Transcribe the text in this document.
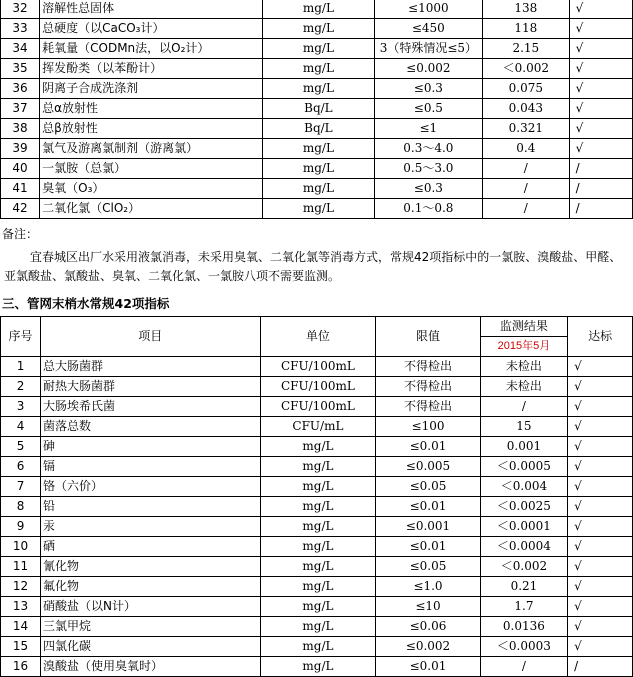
32	溶解性总固体	mg/L	≤1000	138	√
33	总硬度（以CaCO₃计）	mg/L	≤450	118	√
34	耗氧量（CODMn法，以O₂计）	mg/L	3（特殊情况≤5）	2.15	√
35	挥发酚类（以苯酚计）	mg/L	≤0.002	＜0.002	√
36	阴离子合成洗涤剂	mg/L	≤0.3	0.075	√
37	总α放射性	Bq/L	≤0.5	0.043	√
38	总β放射性	Bq/L	≤1	0.321	√
39	氯气及游离氯制剂（游离氯）	mg/L	0.3～4.0	0.4	√
40	一氯胺（总氯）	mg/L	0.5～3.0	/	/
41	臭氧（O₃）	mg/L	≤0.3	/	/
42	二氧化氯（ClO₂）	mg/L	0.1～0.8	/	/
备注：
宜春城区出厂水采用液氯消毒，未采用臭氧、二氧化氯等消毒方式，常规42项指标中的一氯胺、溴酸盐、甲醛、亚氯酸盐、氯酸盐、臭氧、二氧化氯、一氯胺八项不需要监测。
三、管网末梢水常规42项指标
序号	项目	单位	限值	监测结果	达标
				2015年5月	
1	总大肠菌群	CFU/100mL	不得检出	未检出	√
2	耐热大肠菌群	CFU/100mL	不得检出	未检出	√
3	大肠埃希氏菌	CFU/100mL	不得检出	/	√
4	菌落总数	CFU/mL	≤100	15	√
5	砷	mg/L	≤0.01	0.001	√
6	镉	mg/L	≤0.005	＜0.0005	√
7	铬（六价）	mg/L	≤0.05	＜0.004	√
8	铅	mg/L	≤0.01	＜0.0025	√
9	汞	mg/L	≤0.001	＜0.0001	√
10	硒	mg/L	≤0.01	＜0.0004	√
11	氰化物	mg/L	≤0.05	＜0.002	√
12	氟化物	mg/L	≤1.0	0.21	√
13	硝酸盐（以N计）	mg/L	≤10	1.7	√
14	三氯甲烷	mg/L	≤0.06	0.0136	√
15	四氯化碳	mg/L	≤0.002	＜0.0003	√
16	溴酸盐（使用臭氧时）	mg/L	≤0.01	/	/
